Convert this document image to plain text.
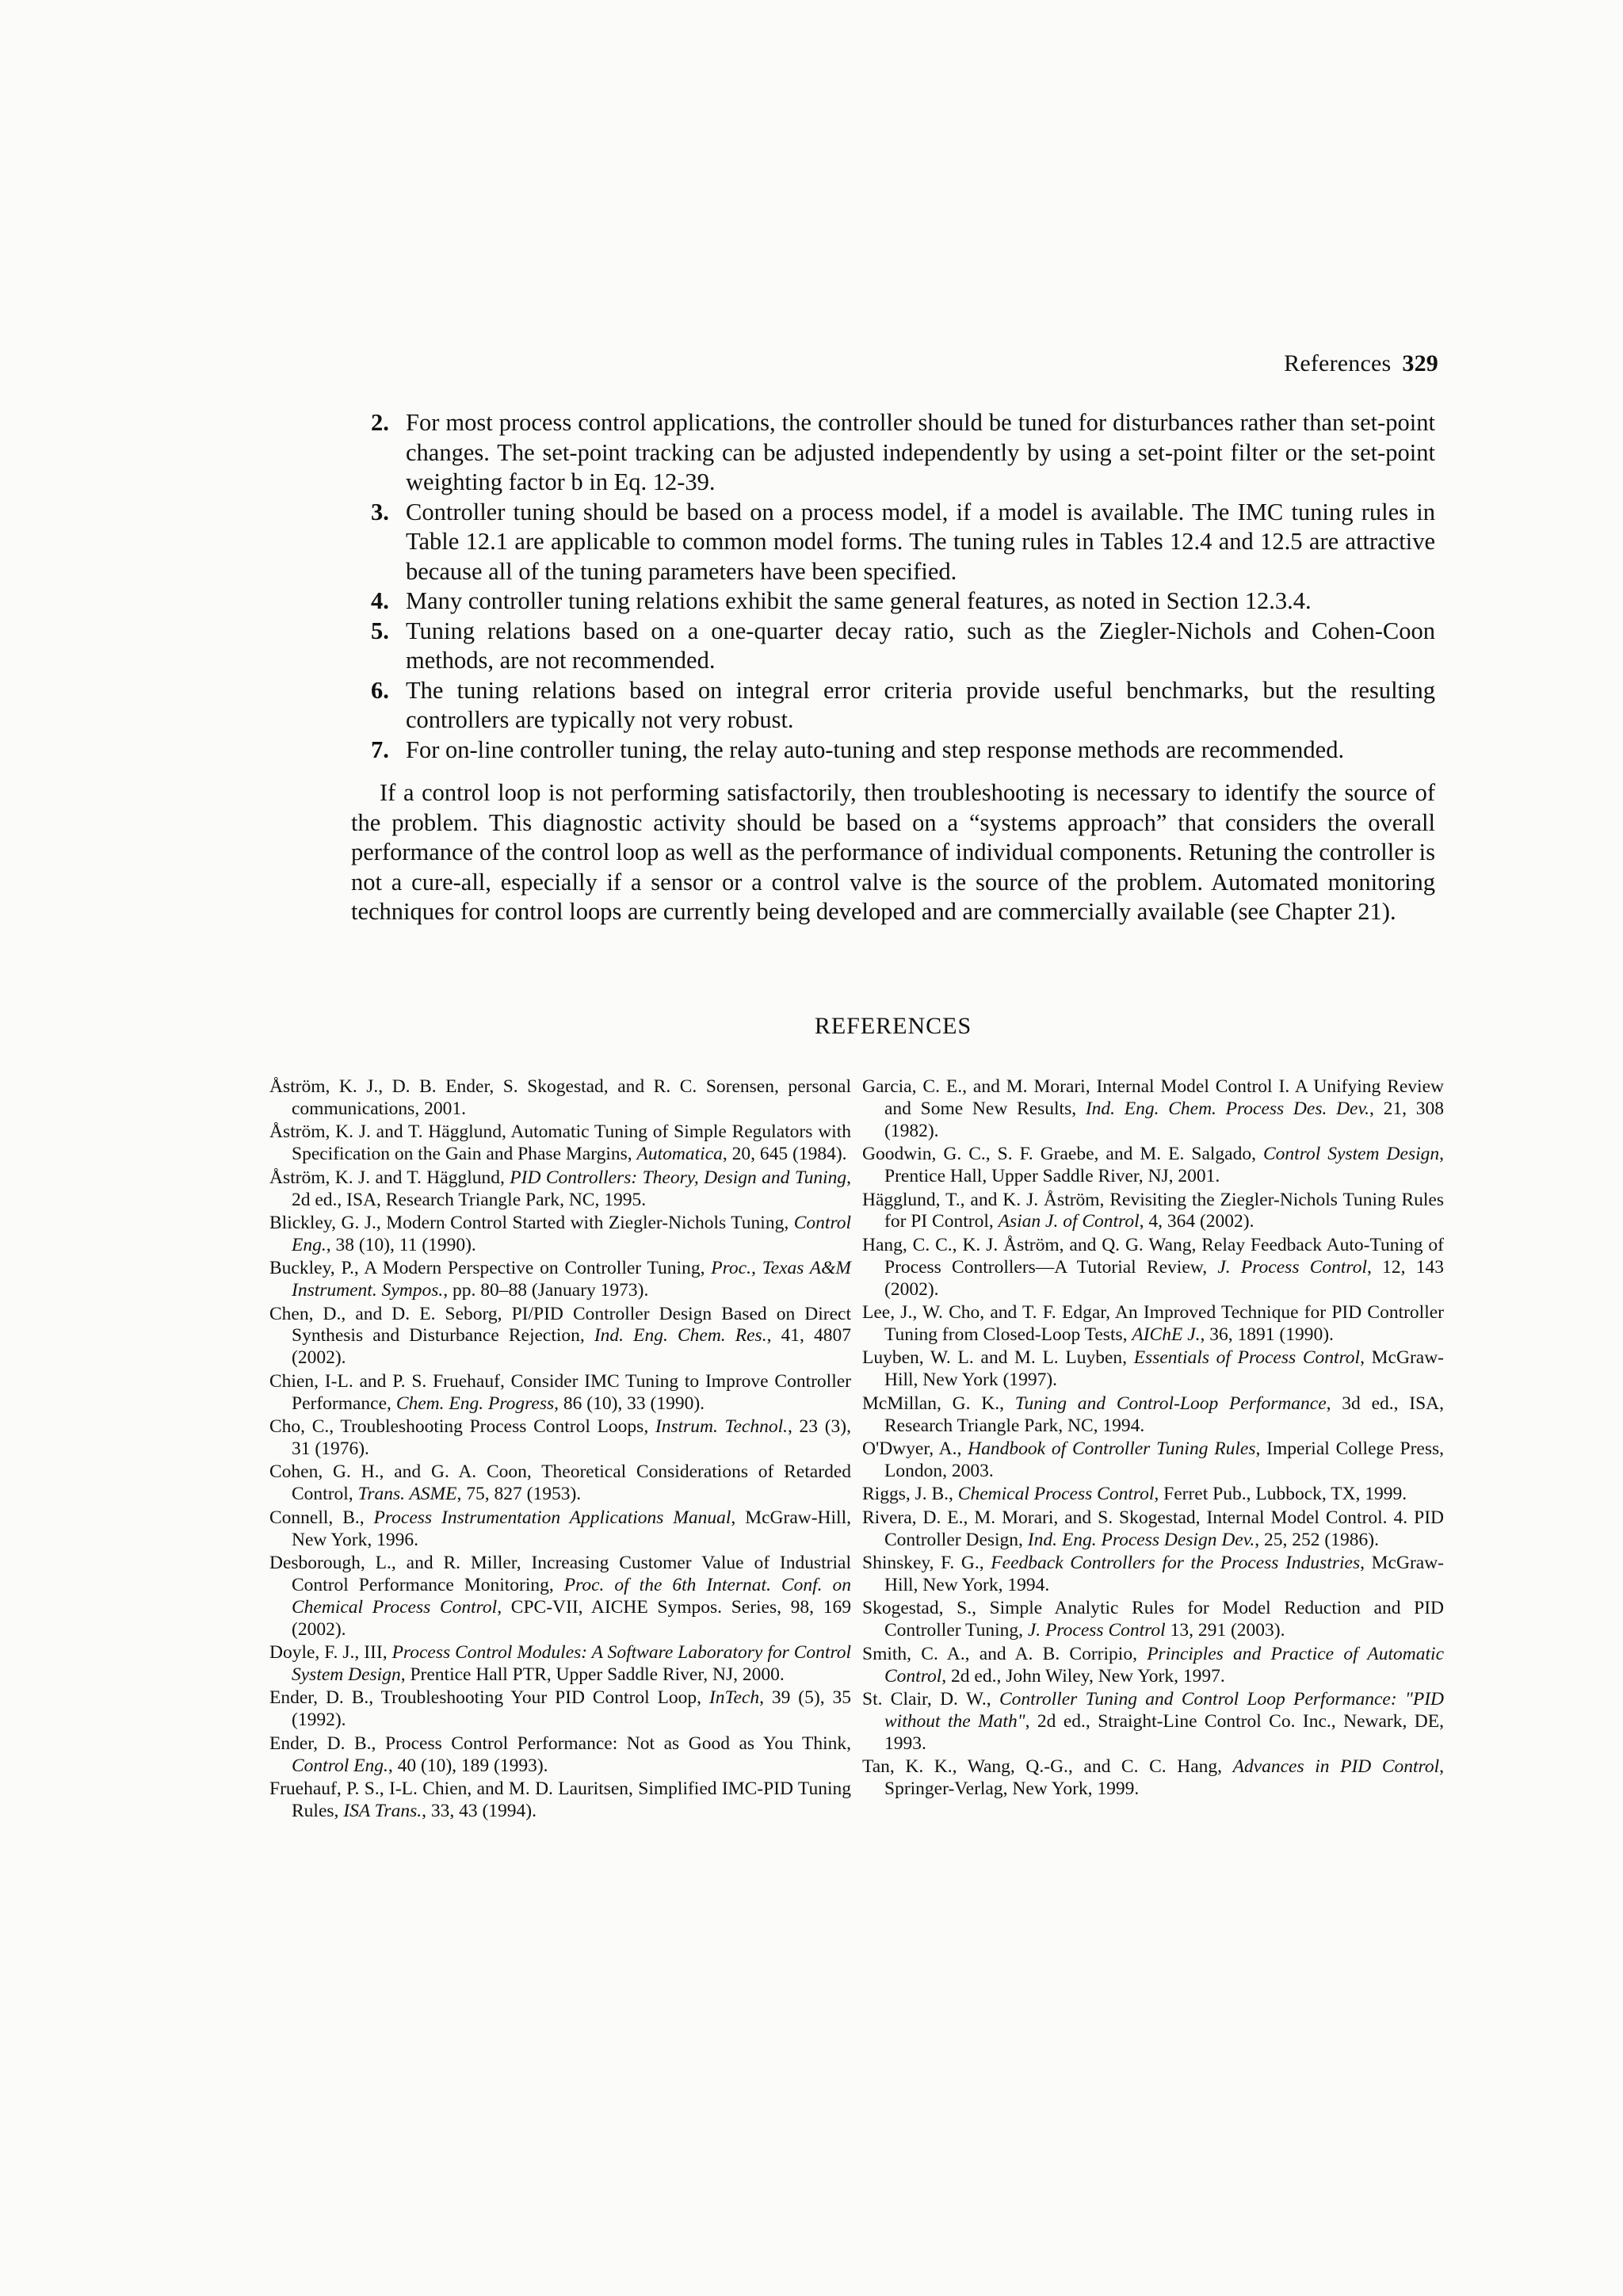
References 329
2. For most process control applications, the controller should be tuned for disturbances rather than set-point changes. The set-point tracking can be adjusted independently by using a set-point filter or the set-point weighting factor b in Eq. 12-39.
3. Controller tuning should be based on a process model, if a model is available. The IMC tuning rules in Table 12.1 are applicable to common model forms. The tuning rules in Tables 12.4 and 12.5 are attractive because all of the tuning parameters have been specified.
4. Many controller tuning relations exhibit the same general features, as noted in Section 12.3.4.
5. Tuning relations based on a one-quarter decay ratio, such as the Ziegler-Nichols and Cohen-Coon methods, are not recommended.
6. The tuning relations based on integral error criteria provide useful benchmarks, but the resulting controllers are typically not very robust.
7. For on-line controller tuning, the relay auto-tuning and step response methods are recommended.

If a control loop is not performing satisfactorily, then troubleshooting is necessary to identify the source of the problem. This diagnostic activity should be based on a “systems approach” that considers the overall performance of the control loop as well as the performance of individual components. Retuning the controller is not a cure-all, especially if a sensor or a control valve is the source of the problem. Automated monitoring techniques for control loops are currently being developed and are commercially available (see Chapter 21).

REFERENCES
Åström, K. J., D. B. Ender, S. Skogestad, and R. C. Sorensen, personal communications, 2001.
Åström, K. J. and T. Hägglund, Automatic Tuning of Simple Regulators with Specification on the Gain and Phase Margins, Automatica, 20, 645 (1984).
Åström, K. J. and T. Hägglund, PID Controllers: Theory, Design and Tuning, 2d ed., ISA, Research Triangle Park, NC, 1995.
Blickley, G. J., Modern Control Started with Ziegler-Nichols Tuning, Control Eng., 38 (10), 11 (1990).
Buckley, P., A Modern Perspective on Controller Tuning, Proc., Texas A&M Instrument. Sympos., pp. 80–88 (January 1973).
Chen, D., and D. E. Seborg, PI/PID Controller Design Based on Direct Synthesis and Disturbance Rejection, Ind. Eng. Chem. Res., 41, 4807 (2002).
Chien, I-L. and P. S. Fruehauf, Consider IMC Tuning to Improve Controller Performance, Chem. Eng. Progress, 86 (10), 33 (1990).
Cho, C., Troubleshooting Process Control Loops, Instrum. Technol., 23 (3), 31 (1976).
Cohen, G. H., and G. A. Coon, Theoretical Considerations of Retarded Control, Trans. ASME, 75, 827 (1953).
Connell, B., Process Instrumentation Applications Manual, McGraw-Hill, New York, 1996.
Desborough, L., and R. Miller, Increasing Customer Value of Industrial Control Performance Monitoring, Proc. of the 6th Internat. Conf. on Chemical Process Control, CPC-VII, AICHE Sympos. Series, 98, 169 (2002).
Doyle, F. J., III, Process Control Modules: A Software Laboratory for Control System Design, Prentice Hall PTR, Upper Saddle River, NJ, 2000.
Ender, D. B., Troubleshooting Your PID Control Loop, InTech, 39 (5), 35 (1992).
Ender, D. B., Process Control Performance: Not as Good as You Think, Control Eng., 40 (10), 189 (1993).
Fruehauf, P. S., I-L. Chien, and M. D. Lauritsen, Simplified IMC-PID Tuning Rules, ISA Trans., 33, 43 (1994).
Garcia, C. E., and M. Morari, Internal Model Control I. A Unifying Review and Some New Results, Ind. Eng. Chem. Process Des. Dev., 21, 308 (1982).
Goodwin, G. C., S. F. Graebe, and M. E. Salgado, Control System Design, Prentice Hall, Upper Saddle River, NJ, 2001.
Hägglund, T., and K. J. Åström, Revisiting the Ziegler-Nichols Tuning Rules for PI Control, Asian J. of Control, 4, 364 (2002).
Hang, C. C., K. J. Åström, and Q. G. Wang, Relay Feedback Auto-Tuning of Process Controllers—A Tutorial Review, J. Process Control, 12, 143 (2002).
Lee, J., W. Cho, and T. F. Edgar, An Improved Technique for PID Controller Tuning from Closed-Loop Tests, AIChE J., 36, 1891 (1990).
Luyben, W. L. and M. L. Luyben, Essentials of Process Control, McGraw-Hill, New York (1997).
McMillan, G. K., Tuning and Control-Loop Performance, 3d ed., ISA, Research Triangle Park, NC, 1994.
O'Dwyer, A., Handbook of Controller Tuning Rules, Imperial College Press, London, 2003.
Riggs, J. B., Chemical Process Control, Ferret Pub., Lubbock, TX, 1999.
Rivera, D. E., M. Morari, and S. Skogestad, Internal Model Control. 4. PID Controller Design, Ind. Eng. Process Design Dev., 25, 252 (1986).
Shinskey, F. G., Feedback Controllers for the Process Industries, McGraw-Hill, New York, 1994.
Skogestad, S., Simple Analytic Rules for Model Reduction and PID Controller Tuning, J. Process Control 13, 291 (2003).
Smith, C. A., and A. B. Corripio, Principles and Practice of Automatic Control, 2d ed., John Wiley, New York, 1997.
St. Clair, D. W., Controller Tuning and Control Loop Performance: "PID without the Math", 2d ed., Straight-Line Control Co. Inc., Newark, DE, 1993.
Tan, K. K., Wang, Q.-G., and C. C. Hang, Advances in PID Control, Springer-Verlag, New York, 1999.
